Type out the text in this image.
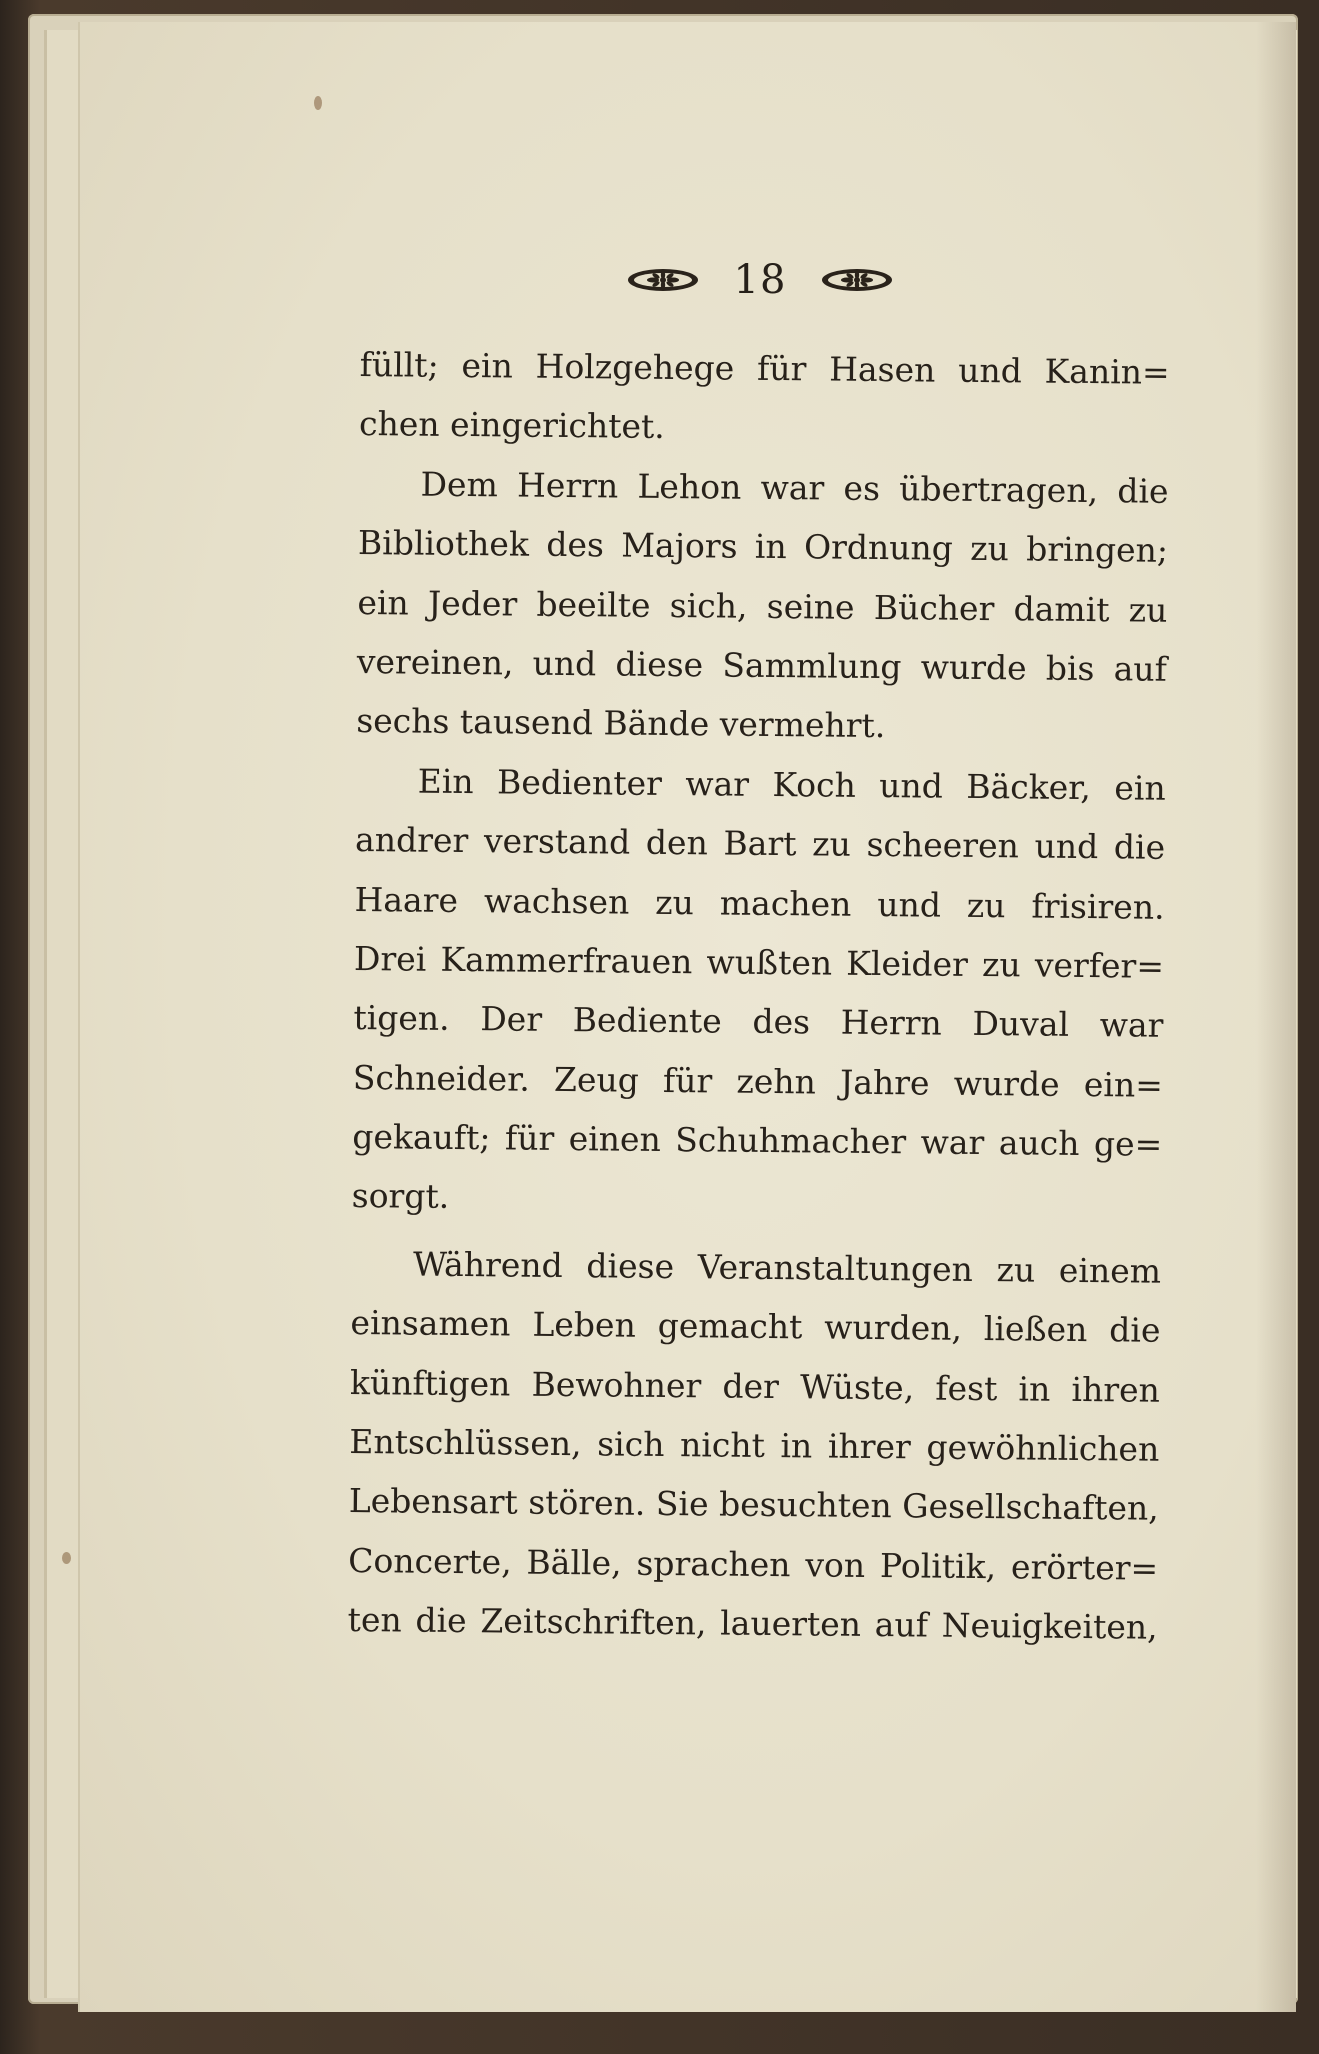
18
füllt; ein Holzgehege für Hasen und Kanin=
chen eingerichtet.
Dem Herrn Lehon war es übertragen, die
Bibliothek des Majors in Ordnung zu bringen;
ein Jeder beeilte sich, seine Bücher damit zu
vereinen, und diese Sammlung wurde bis auf
sechs tausend Bände vermehrt.
Ein Bedienter war Koch und Bäcker, ein
andrer verstand den Bart zu scheeren und die
Haare wachsen zu machen und zu frisiren.
Drei Kammerfrauen wußten Kleider zu verfer=
tigen. Der Bediente des Herrn Duval war
Schneider. Zeug für zehn Jahre wurde ein=
gekauft; für einen Schuhmacher war auch ge=
sorgt.
Während diese Veranstaltungen zu einem
einsamen Leben gemacht wurden, ließen die
künftigen Bewohner der Wüste, fest in ihren
Entschlüssen, sich nicht in ihrer gewöhnlichen
Lebensart stören. Sie besuchten Gesellschaften,
Concerte, Bälle, sprachen von Politik, erörter=
ten die Zeitschriften, lauerten auf Neuigkeiten,
